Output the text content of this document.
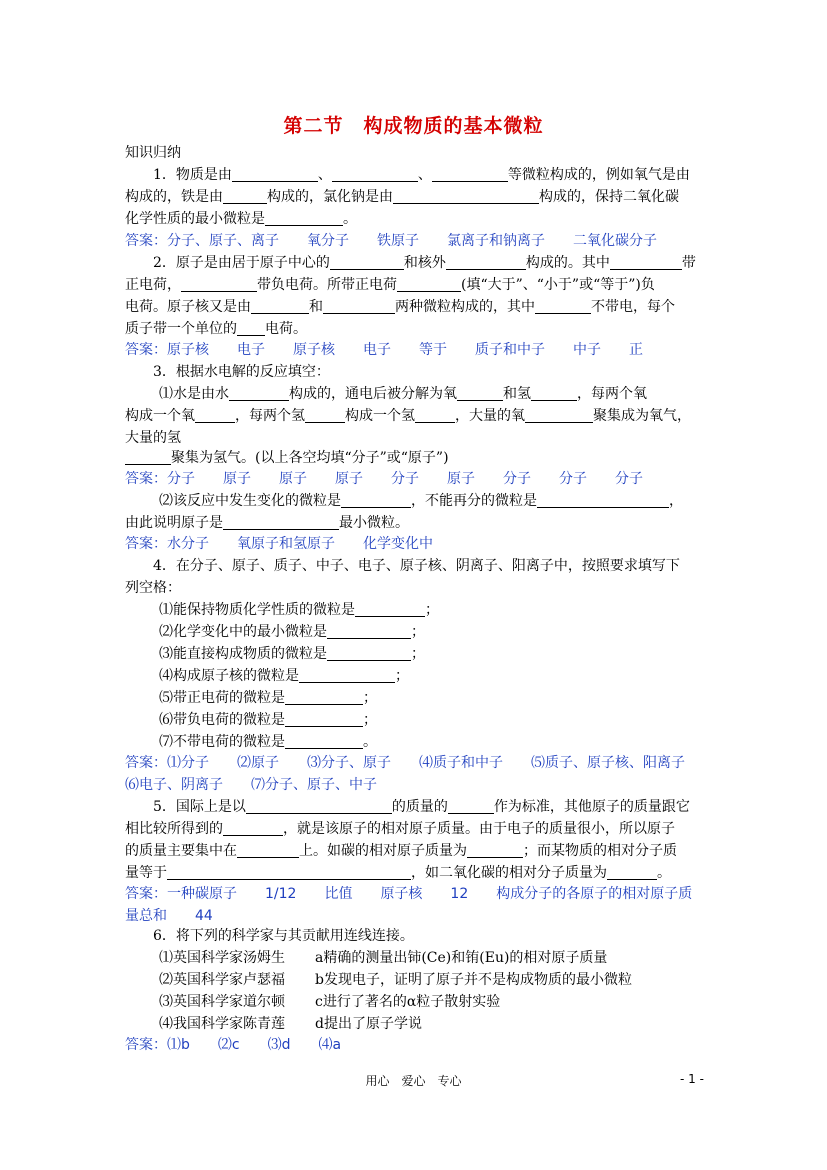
第二节　构成物质的基本微粒
知识归纳
1．物质是由	、	、	等微粒构成的，例如氧气是由
构成的，铁是由	构成的，氯化钠是由	构成的，保持二氧化碳
化学性质的最小微粒是	。
答案：分子、原子、离子　　氧分子　　铁原子　　氯离子和钠离子　　二氧化碳分子
2．原子是由居于原子中心的	和核外	构成的。其中	带
正电荷，	带负电荷。所带正电荷	(填“大于”、“小于”或“等于”)负
电荷。原子核又是由	和	两种微粒构成的，其中	不带电，每个
质子带一个单位的 电荷。
答案：原子核　　电子　　原子核　　电子　　等于　　质子和中子　　中子　　正
3．根据水电解的反应填空：
⑴水是由水	构成的，通电后被分解为氧	和氢	，每两个氧
构成一个氧	，每两个氢	构成一个氢	，大量的氧	聚集成为氧气，
大量的氢
聚集为氢气。(以上各空均填“分子”或“原子”)
答案：分子　　原子　　原子　　原子　　分子　　原子　　分子　　分子　　分子
⑵该反应中发生变化的微粒是	，不能再分的微粒是	，
由此说明原子是	最小微粒。
答案：水分子　　氧原子和氢原子　　化学变化中
4．在分子、原子、质子、中子、电子、原子核、阴离子、阳离子中，按照要求填写下
列空格：
⑴能保持物质化学性质的微粒是	；
⑵化学变化中的最小微粒是	；
⑶能直接构成物质的微粒是	；
⑷构成原子核的微粒是	；
⑸带正电荷的微粒是	；
⑹带负电荷的微粒是	；
⑺不带电荷的微粒是	。
答案：⑴分子　　⑵原子　　⑶分子、原子　　⑷质子和中子　　⑸质子、原子核、阳离子
⑹电子、阴离子　　⑺分子、原子、中子
5．国际上是以	的质量的	作为标准，其他原子的质量跟它
相比较所得到的	，就是该原子的相对原子质量。由于电子的质量很小，所以原子
的质量主要集中在	上。如碳的相对原子质量为	；而某物质的相对分子质
量等于	，如二氧化碳的相对分子质量为	。
答案：一种碳原子　　1/12　　比值　　原子核　　12　　构成分子的各原子的相对原子质
量总和　　44
6．将下列的科学家与其贡献用连线连接。
⑴英国科学家汤姆生 a精确的测量出铈(Ce)和铕(Eu)的相对原子质量
⑵英国科学家卢瑟福 b发现电子，证明了原子并不是构成物质的最小微粒
⑶英国科学家道尔顿 c进行了著名的α粒子散射实验
⑷我国科学家陈青莲 d提出了原子学说
答案：⑴b　　⑵c　　⑶d　　⑷a
用心　爱心　专心	- 1 -
